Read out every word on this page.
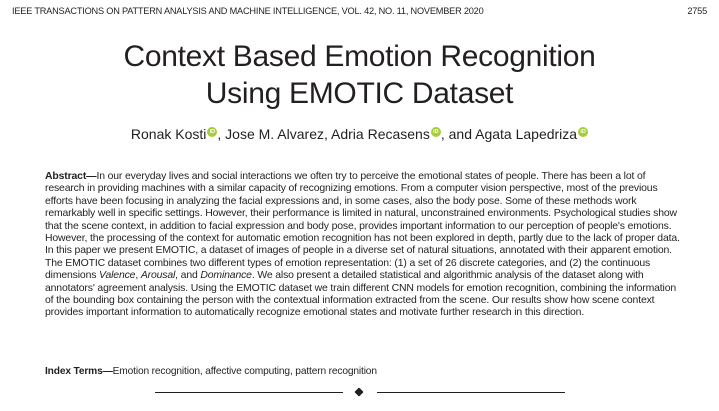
IEEE TRANSACTIONS ON PATTERN ANALYSIS AND MACHINE INTELLIGENCE, VOL. 42, NO. 11, NOVEMBER 2020	2755
Context Based Emotion Recognition
Using EMOTIC Dataset
Ronak Kosti iD , Jose M. Alvarez, Adria Recasens iD , and Agata Lapedriza iD
Abstract—In our everyday lives and social interactions we often try to perceive the emotional states of people. There has been a lot of research in providing machines with a similar capacity of recognizing emotions. From a computer vision perspective, most of the previous efforts have been focusing in analyzing the facial expressions and, in some cases, also the body pose. Some of these methods work remarkably well in specific settings. However, their performance is limited in natural, unconstrained environments. Psychological studies show that the scene context, in addition to facial expression and body pose, provides important information to our perception of people's emotions. However, the processing of the context for automatic emotion recognition has not been explored in depth, partly due to the lack of proper data. In this paper we present EMOTIC, a dataset of images of people in a diverse set of natural situations, annotated with their apparent emotion. The EMOTIC dataset combines two different types of emotion representation: (1) a set of 26 discrete categories, and (2) the continuous dimensions Valence, Arousal, and Dominance. We also present a detailed statistical and algorithmic analysis of the dataset along with annotators' agreement analysis. Using the EMOTIC dataset we train different CNN models for emotion recognition, combining the information of the bounding box containing the person with the contextual information extracted from the scene. Our results show how scene context provides important information to automatically recognize emotional states and motivate further research in this direction.
Index Terms—Emotion recognition, affective computing, pattern recognition
